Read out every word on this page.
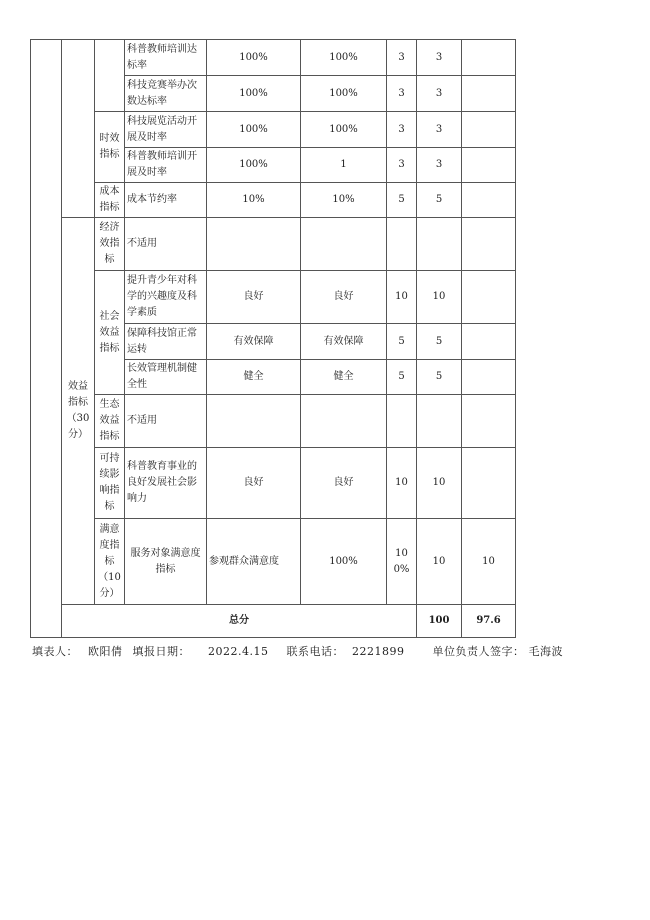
			科普教师培训达标率	100%	100%	3	3		
			科技竞赛举办次数达标率	100%	100%	3	3		
		时效指标	科技展览活动开展及时率	100%	100%	3	3		
			科普教师培训开展及时率	100%	1	3	3		
		成本指标	成本节约率	10%	10%	5	5		
	效益指标（30分）	经济效指标	不适用						
		社会效益指标	提升青少年对科学的兴趣度及科学素质	良好	良好	10	10		
			保障科技馆正常运转	有效保障	有效保障	5	5		
			长效管理机制健全性	健全	健全	5	5		
		生态效益指标	不适用						
		可持续影响指标	科普教育事业的良好发展社会影响力	良好	良好	10	10		
		满意度指标（10分）	服务对象满意度指标	参观群众满意度	100%	100%	10	10	
	总分						100	97.6	
填表人： 欧阳倩 填报日期： 2022.4.15 联系电话： 2221899	单位负责人签字： 毛海波
